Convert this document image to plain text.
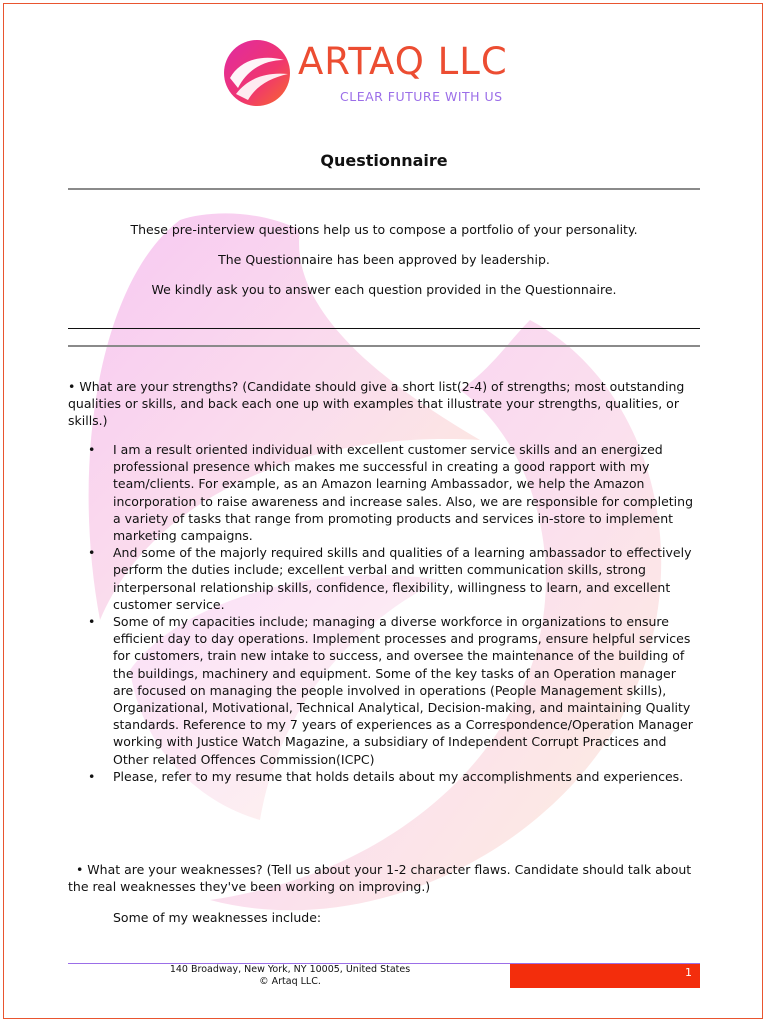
ARTAQ LLC
CLEAR FUTURE WITH US
Questionnaire

These pre-interview questions help us to compose a portfolio of your personality.

The Questionnaire has been approved by leadership.

We kindly ask you to answer each question provided in the Questionnaire.

• What are your strengths? (Candidate should give a short list(2-4) of strengths; most outstanding qualities or skills, and back each one up with examples that illustrate your strengths, qualities, or skills.)

• I am a result oriented individual with excellent customer service skills and an energized professional presence which makes me successful in creating a good rapport with my team/clients. For example, as an Amazon learning Ambassador, we help the Amazon incorporation to raise awareness and increase sales. Also, we are responsible for completing a variety of tasks that range from promoting products and services in-store to implement marketing campaigns.
• And some of the majorly required skills and qualities of a learning ambassador to effectively perform the duties include; excellent verbal and written communication skills, strong interpersonal relationship skills, confidence, flexibility, willingness to learn, and excellent customer service.
• Some of my capacities include; managing a diverse workforce in organizations to ensure efficient day to day operations. Implement processes and programs, ensure helpful services for customers, train new intake to success, and oversee the maintenance of the building of the buildings, machinery and equipment. Some of the key tasks of an Operation manager are focused on managing the people involved in operations (People Management skills), Organizational, Motivational, Technical Analytical, Decision-making, and maintaining Quality standards. Reference to my 7 years of experiences as a Correspondence/Operation Manager working with Justice Watch Magazine, a subsidiary of Independent Corrupt Practices and Other related Offences Commission(ICPC)
• Please, refer to my resume that holds details about my accomplishments and experiences.

• What are your weaknesses? (Tell us about your 1-2 character flaws. Candidate should talk about the real weaknesses they've been working on improving.)

Some of my weaknesses include:

140 Broadway, New York, NY 10005, United States
© Artaq LLC.
1
